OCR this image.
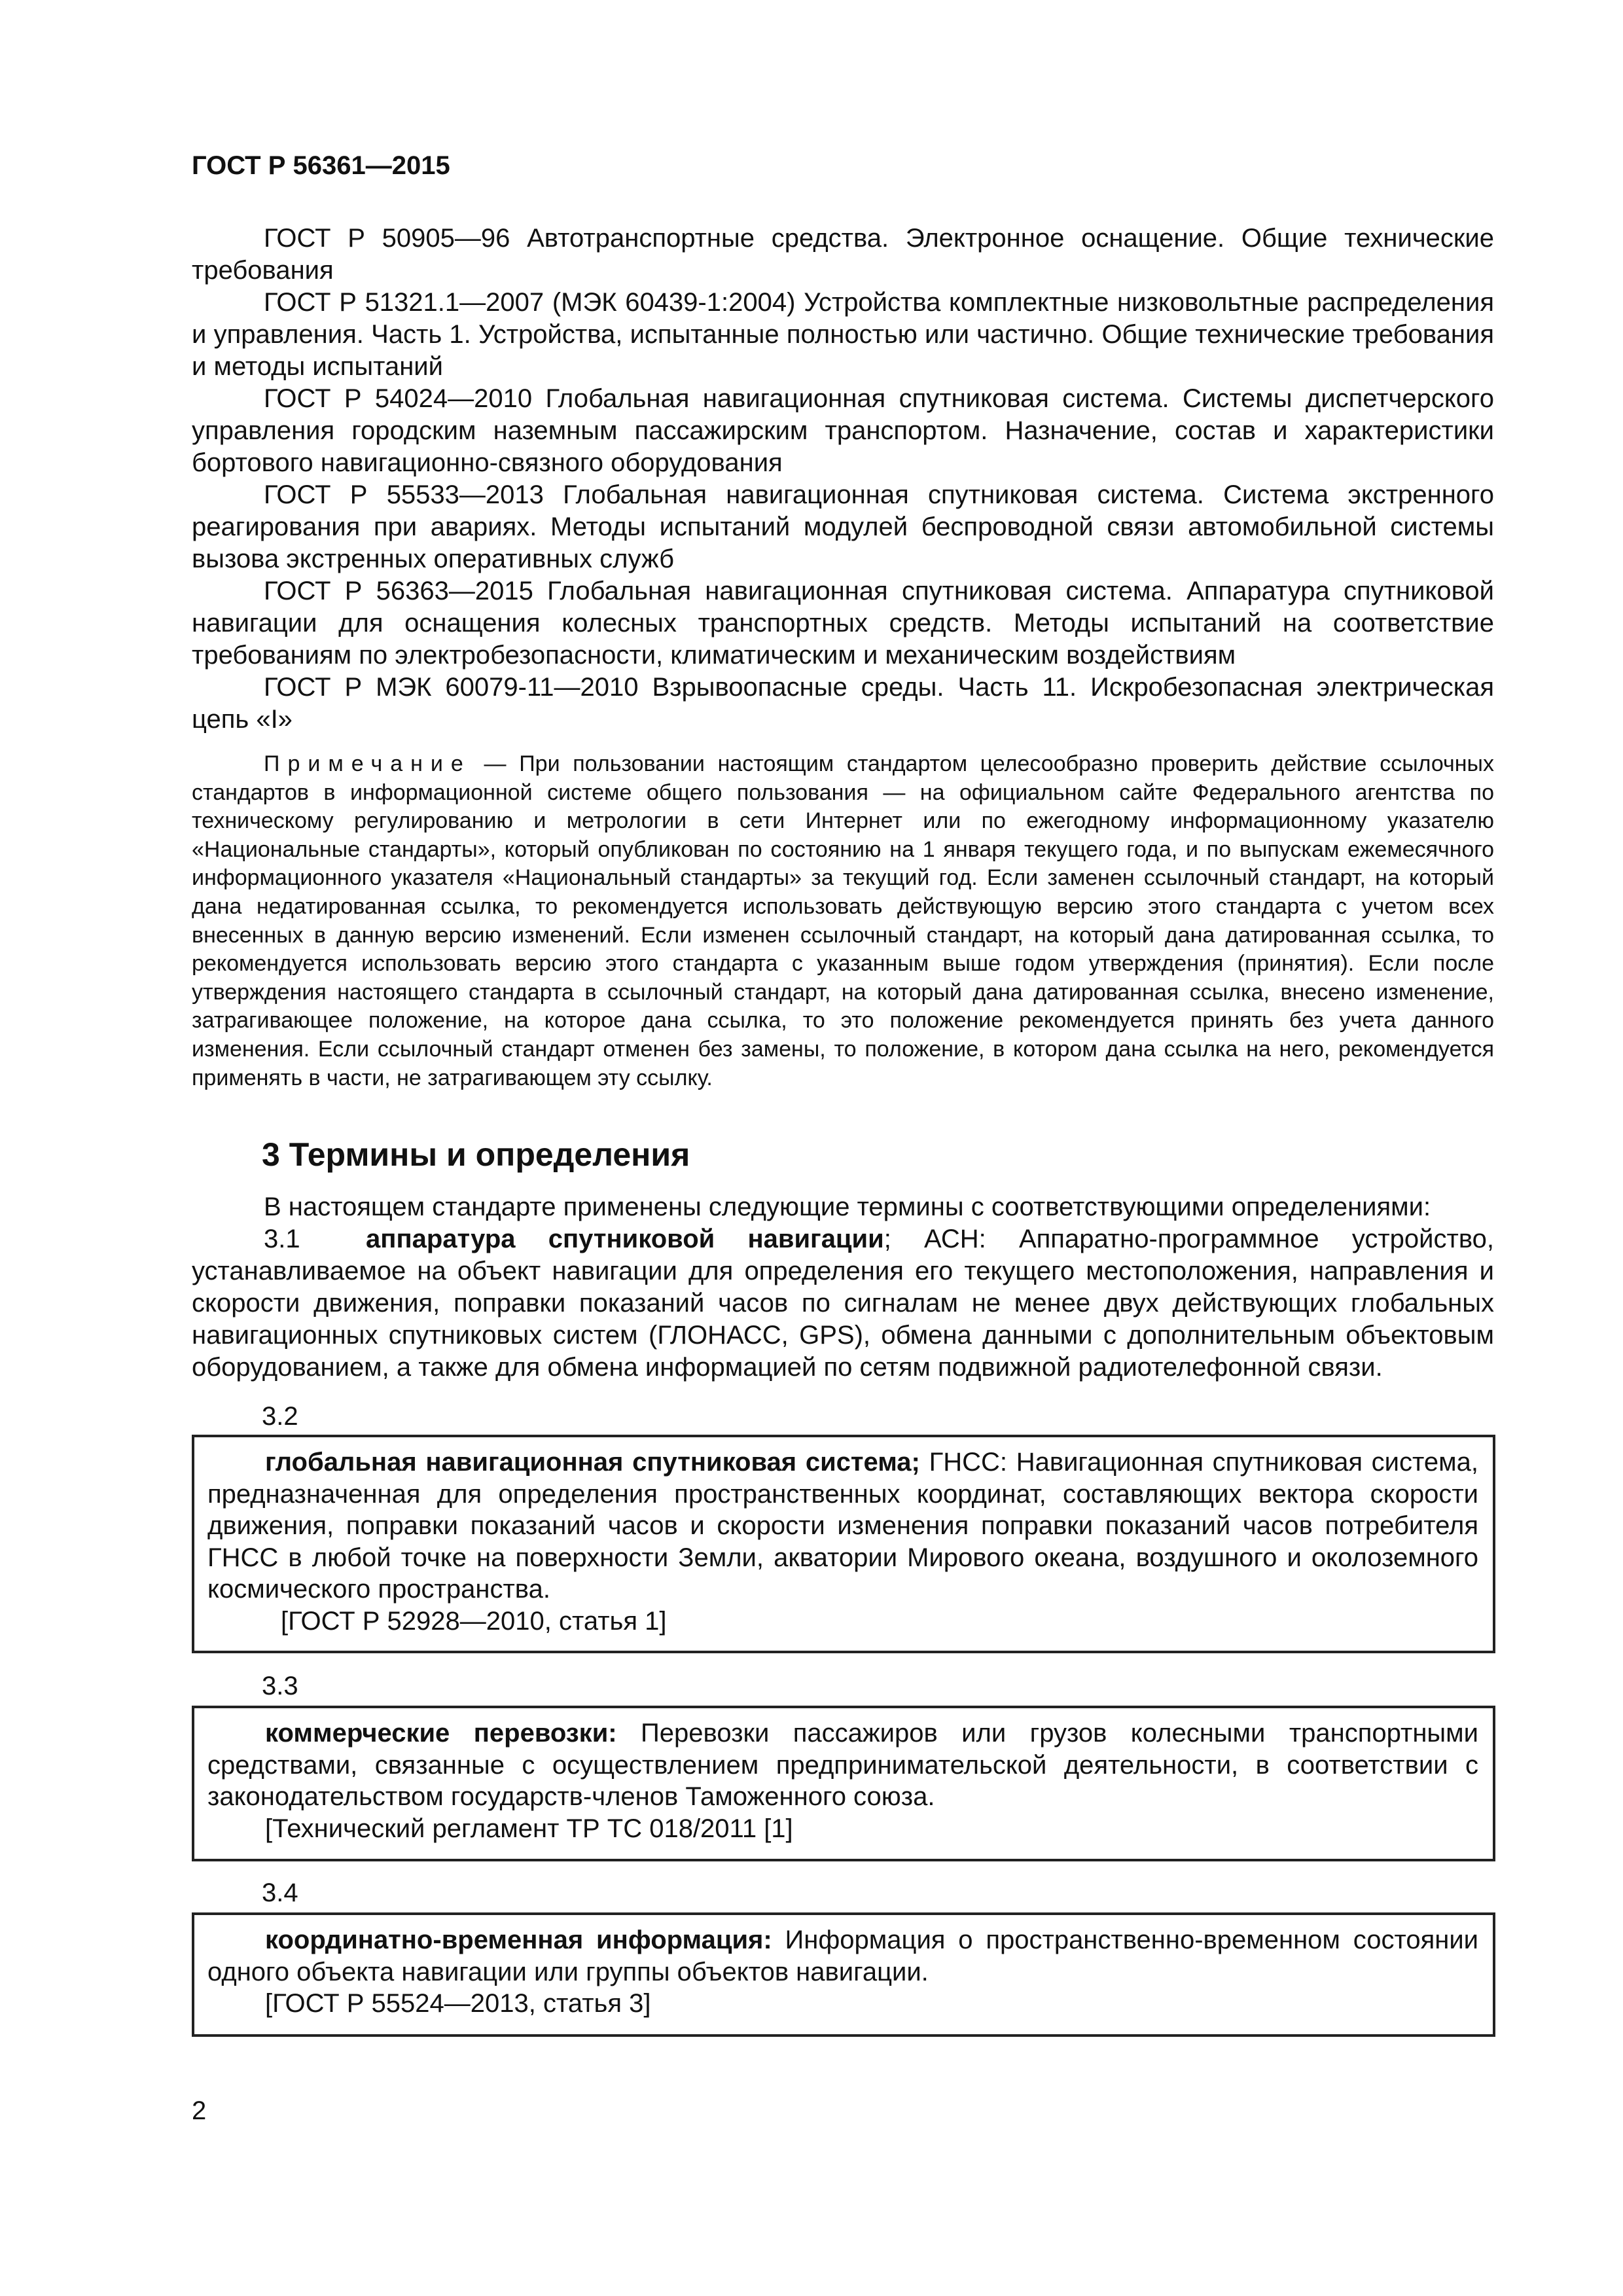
ГОСТ Р 56361—2015

ГОСТ Р 50905—96 Автотранспортные средства. Электронное оснащение. Общие технические требования

ГОСТ Р 51321.1—2007 (МЭК 60439-1:2004) Устройства комплектные низковольтные распределения и управления. Часть 1. Устройства, испытанные полностью или частично. Общие технические требования и методы испытаний

ГОСТ Р 54024—2010 Глобальная навигационная спутниковая система. Системы диспетчерского управления городским наземным пассажирским транспортом. Назначение, состав и характеристики бортового навигационно-связного оборудования

ГОСТ Р 55533—2013 Глобальная навигационная спутниковая система. Система экстренного реагирования при авариях. Методы испытаний модулей беспроводной связи автомобильной системы вызова экстренных оперативных служб

ГОСТ Р 56363—2015 Глобальная навигационная спутниковая система. Аппаратура спутниковой навигации для оснащения колесных транспортных средств. Методы испытаний на соответствие требованиям по электробезопасности, климатическим и механическим воздействиям

ГОСТ Р МЭК 60079-11—2010 Взрывоопасные среды. Часть 11. Искробезопасная электрическая цепь «I»

Примечание — При пользовании настоящим стандартом целесообразно проверить действие ссылочных стандартов в информационной системе общего пользования — на официальном сайте Федерального агентства по техническому регулированию и метрологии в сети Интернет или по ежегодному информационному указателю «Национальные стандарты», который опубликован по состоянию на 1 января текущего года, и по выпускам ежемесячного информационного указателя «Национальный стандарты» за текущий год. Если заменен ссылочный стандарт, на который дана недатированная ссылка, то рекомендуется использовать действующую версию этого стандарта с учетом всех внесенных в данную версию изменений. Если изменен ссылочный стандарт, на который дана датированная ссылка, то рекомендуется использовать версию этого стандарта с указанным выше годом утверждения (принятия). Если после утверждения настоящего стандарта в ссылочный стандарт, на который дана датированная ссылка, внесено изменение, затрагивающее положение, на которое дана ссылка, то это положение рекомендуется принять без учета данного изменения. Если ссылочный стандарт отменен без замены, то положение, в котором дана ссылка на него, рекомендуется применять в части, не затрагивающем эту ссылку.

3 Термины и определения

В настоящем стандарте применены следующие термины с соответствующими определениями:

3.1	аппаратура спутниковой навигации; АСН: Аппаратно-программное устройство, устанавливаемое на объект навигации для определения его текущего местоположения, направления и скорости движения, поправки показаний часов по сигналам не менее двух действующих глобальных навигационных спутниковых систем (ГЛОНАСС, GPS), обмена данными с дополнительным объектовым оборудованием, а также для обмена информацией по сетям подвижной радиотелефонной связи.

3.2

глобальная навигационная спутниковая система; ГНСС: Навигационная спутниковая система, предназначенная для определения пространственных координат, составляющих вектора скорости движения, поправки показаний часов и скорости изменения поправки показаний часов потребителя ГНСС в любой точке на поверхности Земли, акватории Мирового океана, воздушного и околоземного космического пространства.

[ГОСТ Р 52928—2010, статья 1]

3.3

коммерческие перевозки: Перевозки пассажиров или грузов колесными транспортными средствами, связанные с осуществлением предпринимательской деятельности, в соответствии с законодательством государств-членов Таможенного союза.

[Технический регламент ТР ТС 018/2011 [1]

3.4

координатно-временная информация: Информация о пространственно-временном состоянии одного объекта навигации или группы объектов навигации.

[ГОСТ Р 55524—2013, статья 3]

2
